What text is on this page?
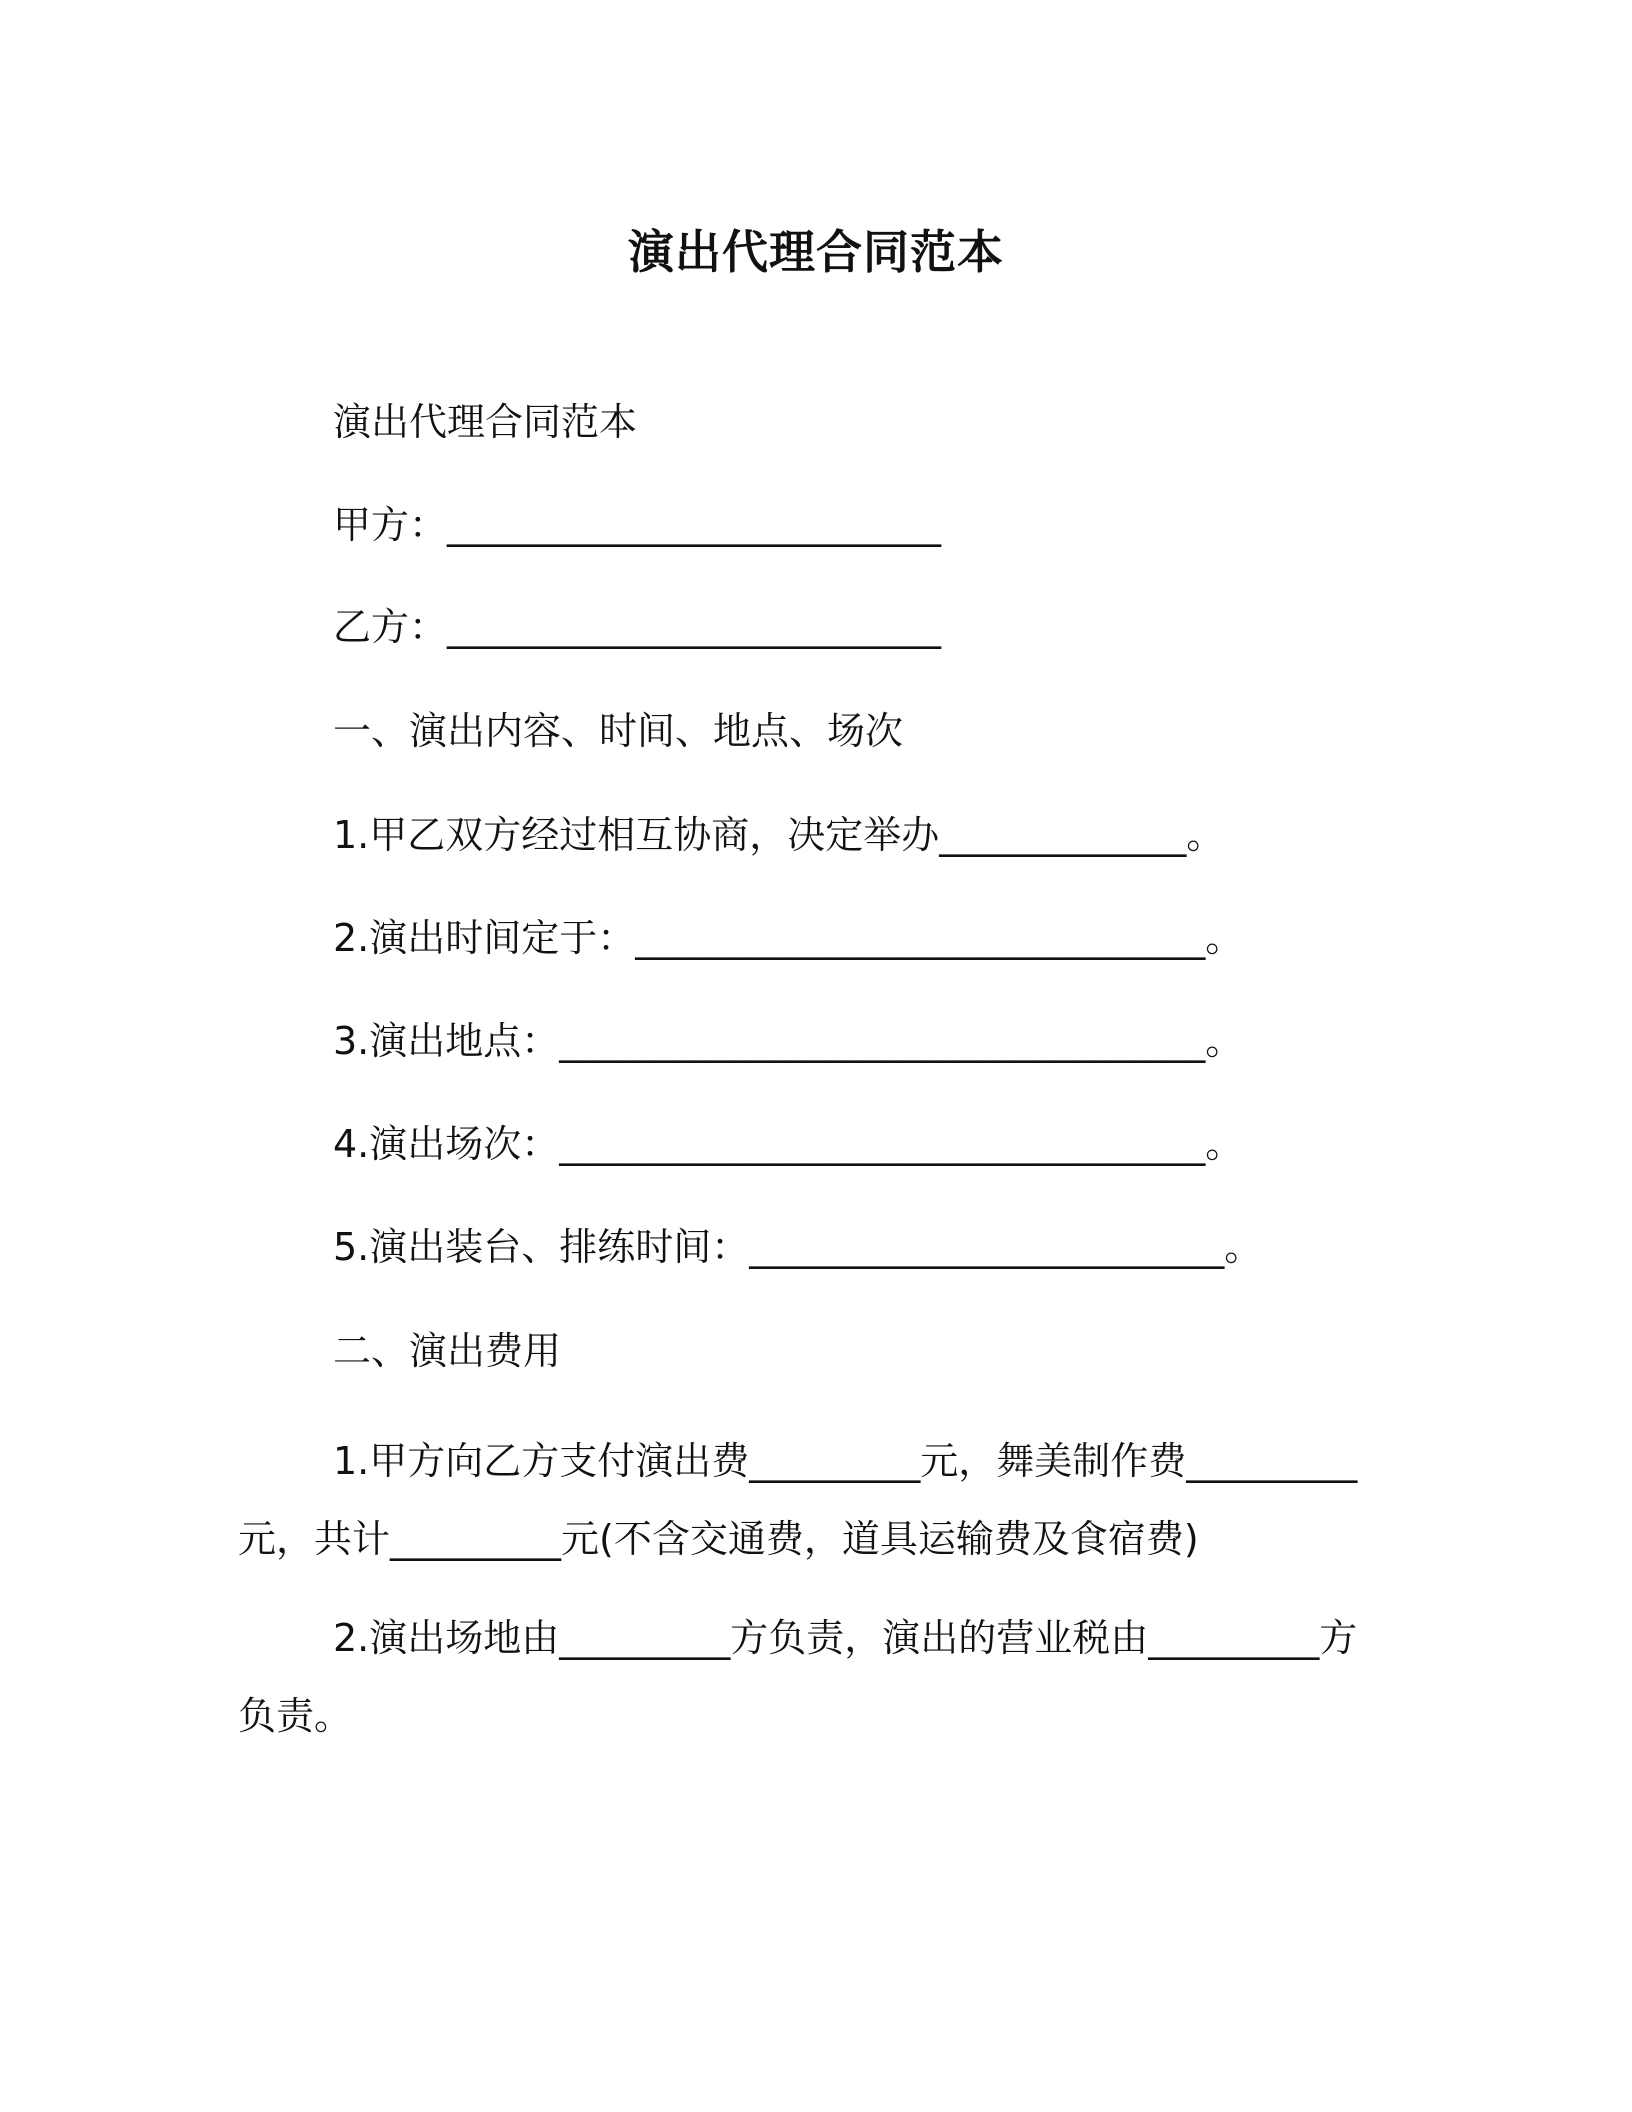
演出代理合同范本
演出代理合同范本
甲方：__________________________
乙方：__________________________
一、演出内容、时间、地点、场次
1.甲乙双方经过相互协商，决定举办_____________。
2.演出时间定于：______________________________。
3.演出地点：__________________________________。
4.演出场次：__________________________________。
5.演出装台、排练时间：_________________________。
二、演出费用
1.甲方向乙方支付演出费_________元，舞美制作费_________元，共计_________元(不含交通费，道具运输费及食宿费)
2.演出场地由_________方负责，演出的营业税由_________方负责。
